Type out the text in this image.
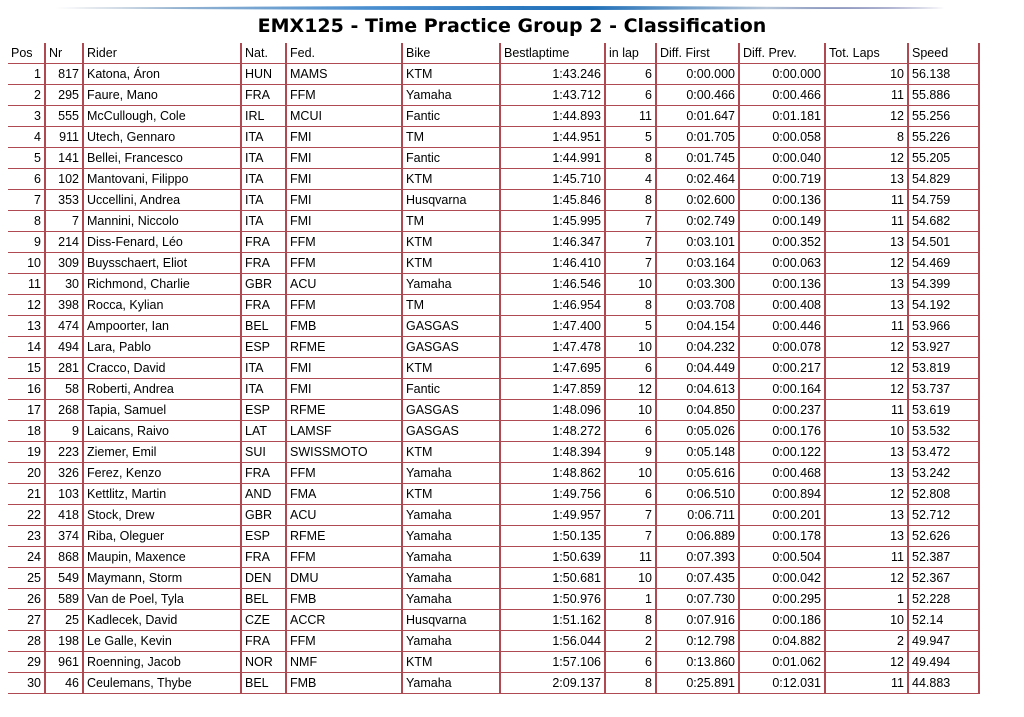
EMX125 - Time Practice Group 2 - Classification
Pos	Nr	Rider	Nat.	Fed.	Bike	Bestlaptime	in lap	Diff. First	Diff. Prev.	Tot. Laps	Speed
1	817	Katona, Áron	HUN	MAMS	KTM	1:43.246	6	0:00.000	0:00.000	10	56.138
2	295	Faure, Mano	FRA	FFM	Yamaha	1:43.712	6	0:00.466	0:00.466	11	55.886
3	555	McCullough, Cole	IRL	MCUI	Fantic	1:44.893	11	0:01.647	0:01.181	12	55.256
4	911	Utech, Gennaro	ITA	FMI	TM	1:44.951	5	0:01.705	0:00.058	8	55.226
5	141	Bellei, Francesco	ITA	FMI	Fantic	1:44.991	8	0:01.745	0:00.040	12	55.205
6	102	Mantovani, Filippo	ITA	FMI	KTM	1:45.710	4	0:02.464	0:00.719	13	54.829
7	353	Uccellini, Andrea	ITA	FMI	Husqvarna	1:45.846	8	0:02.600	0:00.136	11	54.759
8	7	Mannini, Niccolo	ITA	FMI	TM	1:45.995	7	0:02.749	0:00.149	11	54.682
9	214	Diss-Fenard, Léo	FRA	FFM	KTM	1:46.347	7	0:03.101	0:00.352	13	54.501
10	309	Buysschaert, Eliot	FRA	FFM	KTM	1:46.410	7	0:03.164	0:00.063	12	54.469
11	30	Richmond, Charlie	GBR	ACU	Yamaha	1:46.546	10	0:03.300	0:00.136	13	54.399
12	398	Rocca, Kylian	FRA	FFM	TM	1:46.954	8	0:03.708	0:00.408	13	54.192
13	474	Ampoorter, Ian	BEL	FMB	GASGAS	1:47.400	5	0:04.154	0:00.446	11	53.966
14	494	Lara, Pablo	ESP	RFME	GASGAS	1:47.478	10	0:04.232	0:00.078	12	53.927
15	281	Cracco, David	ITA	FMI	KTM	1:47.695	6	0:04.449	0:00.217	12	53.819
16	58	Roberti, Andrea	ITA	FMI	Fantic	1:47.859	12	0:04.613	0:00.164	12	53.737
17	268	Tapia, Samuel	ESP	RFME	GASGAS	1:48.096	10	0:04.850	0:00.237	11	53.619
18	9	Laicans, Raivo	LAT	LAMSF	GASGAS	1:48.272	6	0:05.026	0:00.176	10	53.532
19	223	Ziemer, Emil	SUI	SWISSMOTO	KTM	1:48.394	9	0:05.148	0:00.122	13	53.472
20	326	Ferez, Kenzo	FRA	FFM	Yamaha	1:48.862	10	0:05.616	0:00.468	13	53.242
21	103	Kettlitz, Martin	AND	FMA	KTM	1:49.756	6	0:06.510	0:00.894	12	52.808
22	418	Stock, Drew	GBR	ACU	Yamaha	1:49.957	7	0:06.711	0:00.201	13	52.712
23	374	Riba, Oleguer	ESP	RFME	Yamaha	1:50.135	7	0:06.889	0:00.178	13	52.626
24	868	Maupin, Maxence	FRA	FFM	Yamaha	1:50.639	11	0:07.393	0:00.504	11	52.387
25	549	Maymann, Storm	DEN	DMU	Yamaha	1:50.681	10	0:07.435	0:00.042	12	52.367
26	589	Van de Poel, Tyla	BEL	FMB	Yamaha	1:50.976	1	0:07.730	0:00.295	1	52.228
27	25	Kadlecek, David	CZE	ACCR	Husqvarna	1:51.162	8	0:07.916	0:00.186	10	52.14
28	198	Le Galle, Kevin	FRA	FFM	Yamaha	1:56.044	2	0:12.798	0:04.882	2	49.947
29	961	Roenning, Jacob	NOR	NMF	KTM	1:57.106	6	0:13.860	0:01.062	12	49.494
30	46	Ceulemans, Thybe	BEL	FMB	Yamaha	2:09.137	8	0:25.891	0:12.031	11	44.883
